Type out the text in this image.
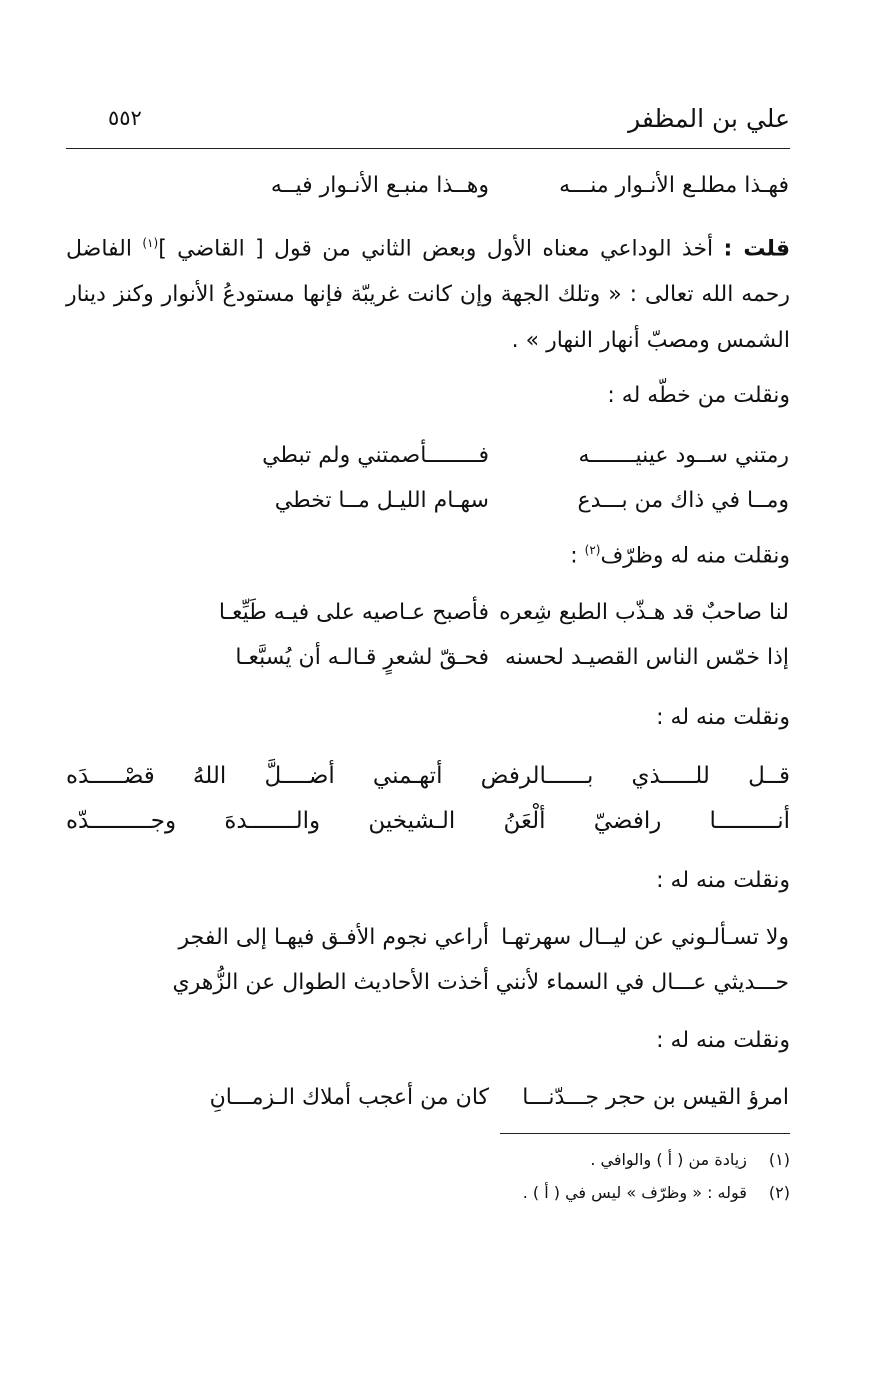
علي بن المظفر
٥٥٢
فهـذا مطلـع الأنـوار منـــه
وهــذا منبـع الأنـوار فيــه
قلت : أخذ الوداعي معناه الأول وبعض الثاني من قول [ القاضي ]$^{(١)}$ الفاضل رحمه الله تعالى : « وتلك الجهة وإن كانت غريبّة فإنها مستودعُ الأنوار وكنز دينار الشمس ومصبّ أنهار النهار » .
ونقلت من خطّه له :
رمتني ســود عينيـــــــه
فــــــــأصمتني ولم تبطي
ومــا في ذاك من بـــدع
سهـام الليـل مــا تخطي
ونقلت منه له وظرّف$^{(٢)}$ :
لنا صاحبٌ قد هـذّب الطبع شِعره
فأصبح عـاصيه على فيـه طَيِّعـا
إذا خمّس الناس القصيـد لحسنه
فحـقّ لشعرٍ قـالـه أن يُسبَّعـا
ونقلت منه له :
قــل للـــــذي بــــــالرفض أتهـمني أضــــلَّ اللهُ قصْـــــدَه
أنـــــــــا رافضيّ ألْعَنُ الـشيخين والـــــــدهَ وجـــــــــدّه
ونقلت منه له :
ولا تسـألـوني عن ليــال سهرتهـا
أراعي نجوم الأفـق فيهـا إلى الفجر
حـــديثي عـــال في السماء لأنني
أخذت الأحاديث الطوال عن الزُّهري
ونقلت منه له :
امرؤ القيس بن حجر جـــدّنـــا
كان من أعجب أملاك الـزمـــانِ
(١) زيادة من ( أ ) والوافي .
(٢) قوله : « وظرّف » ليس في ( أ ) .
